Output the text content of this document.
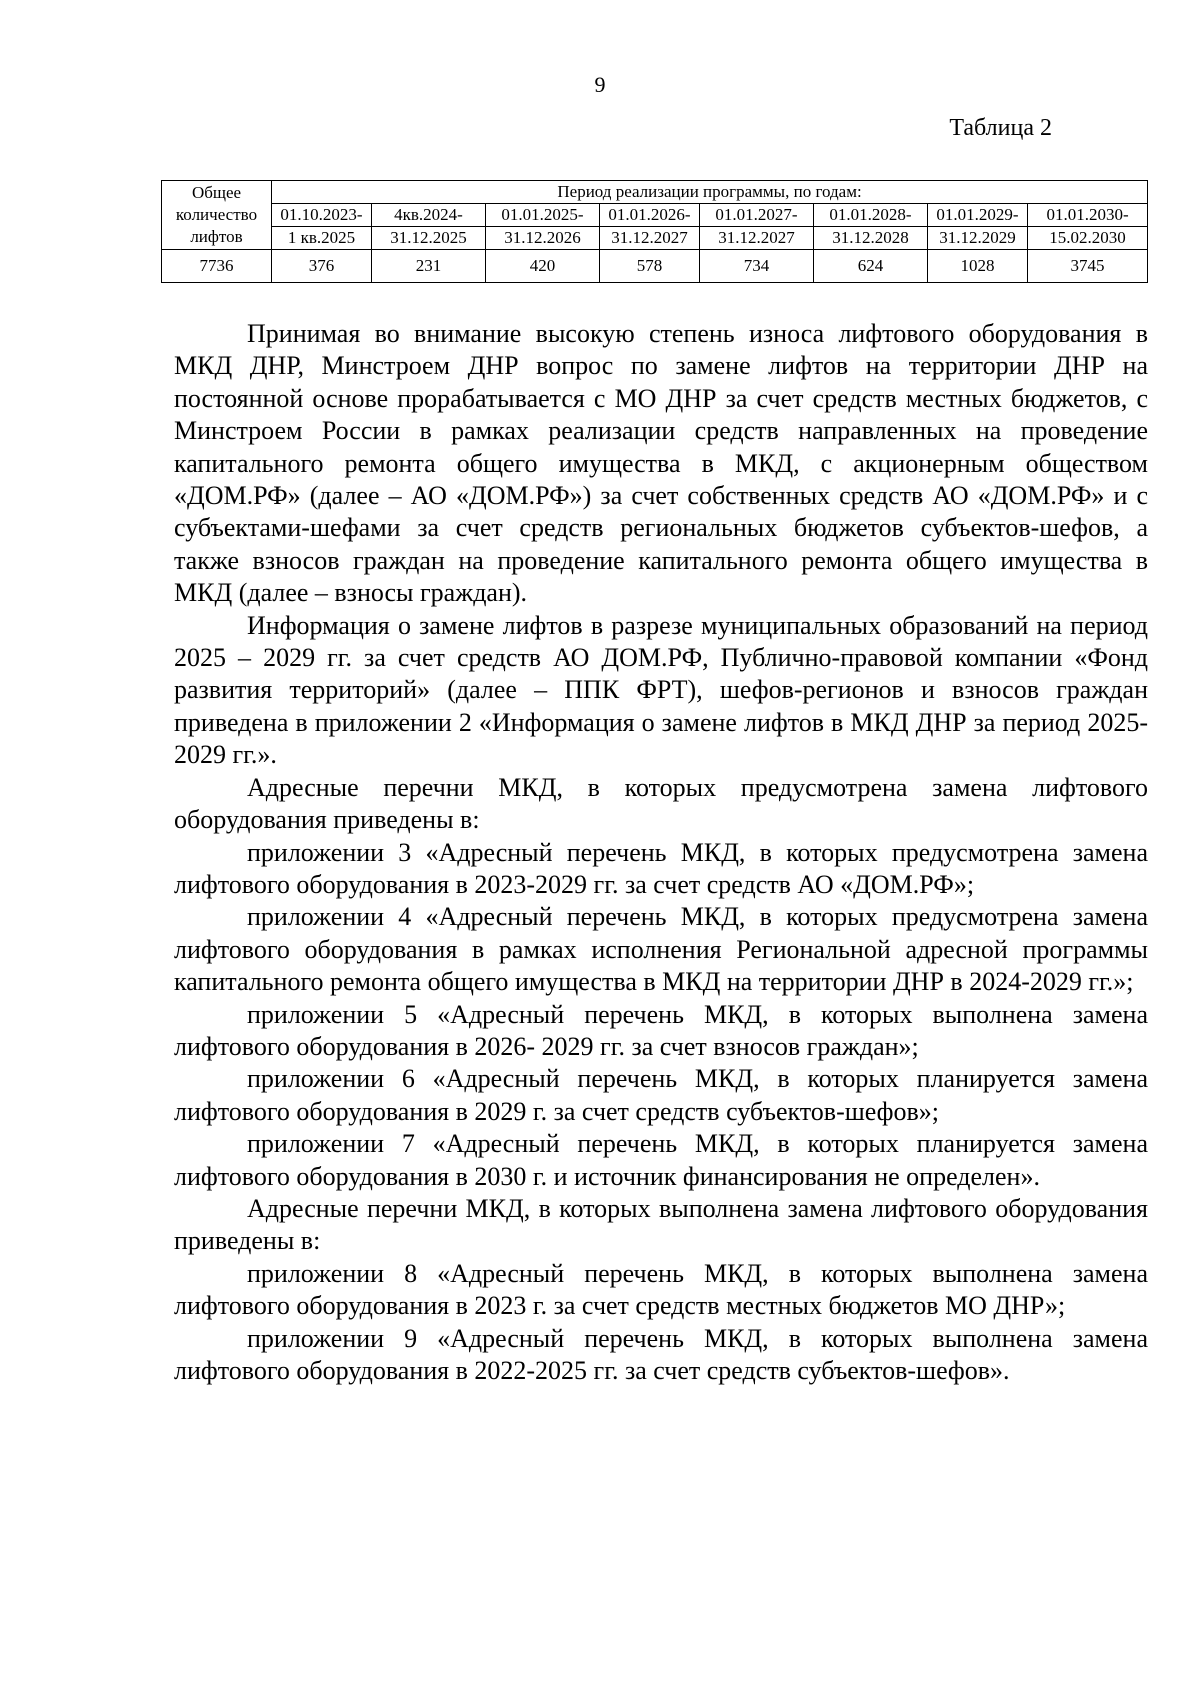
9
Таблица 2
Общее
количество
лифтов	Период реализации программы, по годам:							
	01.10.2023-	4кв.2024-	01.01.2025-	01.01.2026-	01.01.2027-	01.01.2028-	01.01.2029-	01.01.2030-
	1 кв.2025	31.12.2025	31.12.2026	31.12.2027	31.12.2027	31.12.2028	31.12.2029	15.02.2030
7736	376	231	420	578	734	624	1028	3745

Принимая во внимание высокую степень износа лифтового оборудования в МКД ДНР, Минстроем ДНР вопрос по замене лифтов на территории ДНР на постоянной основе прорабатывается с МО ДНР за счет средств местных бюджетов, с Минстроем России в рамках реализации средств направленных на проведение капитального ремонта общего имущества в МКД, с акционерным обществом «ДОМ.РФ» (далее – АО «ДОМ.РФ») за счет собственных средств АО «ДОМ.РФ» и с субъектами-шефами за счет средств региональных бюджетов субъектов-шефов, а также взносов граждан на проведение капитального ремонта общего имущества в МКД (далее – взносы граждан).

Информация о замене лифтов в разрезе муниципальных образований на период 2025 – 2029 гг. за счет средств АО ДОМ.РФ, Публично-правовой компании «Фонд развития территорий» (далее – ППК ФРТ), шефов-регионов и взносов граждан приведена в приложении 2 «Информация о замене лифтов в МКД ДНР за период 2025-2029 гг.».

Адресные перечни МКД, в которых предусмотрена замена лифтового оборудования приведены в:

приложении 3 «Адресный перечень МКД, в которых предусмотрена замена лифтового оборудования в 2023-2029 гг. за счет средств АО «ДОМ.РФ»;

приложении 4 «Адресный перечень МКД, в которых предусмотрена замена лифтового оборудования в рамках исполнения Региональной адресной программы капитального ремонта общего имущества в МКД на территории ДНР в 2024-2029 гг.»;

приложении 5 «Адресный перечень МКД, в которых выполнена замена лифтового оборудования в 2026- 2029 гг. за счет взносов граждан»;

приложении 6 «Адресный перечень МКД, в которых планируется замена лифтового оборудования в 2029 г. за счет средств субъектов-шефов»;

приложении 7 «Адресный перечень МКД, в которых планируется замена лифтового оборудования в 2030 г. и источник финансирования не определен».

Адресные перечни МКД, в которых выполнена замена лифтового оборудования приведены в:

приложении 8 «Адресный перечень МКД, в которых выполнена замена лифтового оборудования в 2023 г. за счет средств местных бюджетов МО ДНР»;

приложении 9 «Адресный перечень МКД, в которых выполнена замена лифтового оборудования в 2022-2025 гг. за счет средств субъектов-шефов».
